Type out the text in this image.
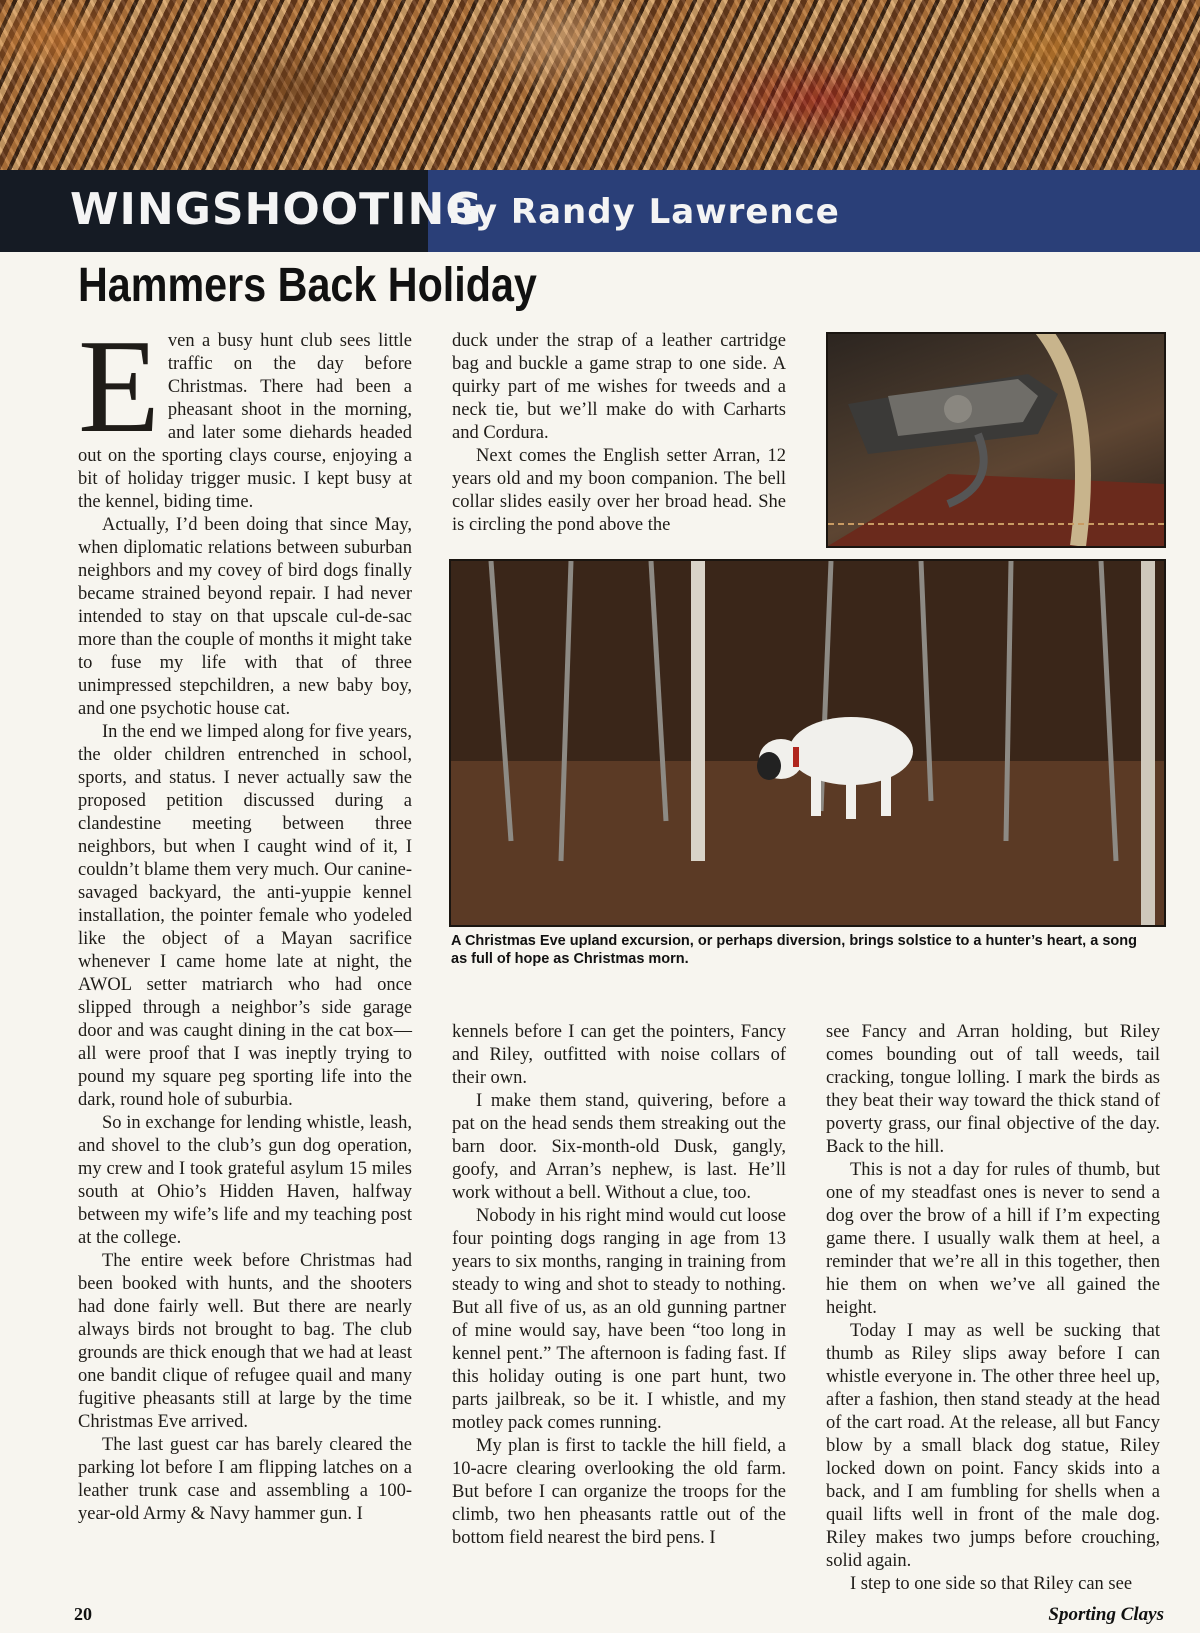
WINGSHOOTING
By Randy Lawrence
Hammers Back Holiday

Even a busy hunt club sees little traffic on the day before Christmas. There had been a pheasant shoot in the morning, and later some diehards headed out on the sporting clays course, enjoying a bit of holiday trigger music. I kept busy at the kennel, biding time.

Actually, I’d been doing that since May, when diplomatic relations between suburban neighbors and my covey of bird dogs finally became strained beyond repair. I had never intended to stay on that upscale cul-de-sac more than the couple of months it might take to fuse my life with that of three unimpressed stepchildren, a new baby boy, and one psychotic house cat.

In the end we limped along for five years, the older children entrenched in school, sports, and status. I never actually saw the proposed petition discussed during a clandestine meeting between three neighbors, but when I caught wind of it, I couldn’t blame them very much. Our canine-savaged backyard, the anti-yuppie kennel installation, the pointer female who yodeled like the object of a Mayan sacrifice whenever I came home late at night, the AWOL setter matriarch who had once slipped through a neighbor’s side garage door and was caught dining in the cat box—all were proof that I was ineptly trying to pound my square peg sporting life into the dark, round hole of suburbia.

So in exchange for lending whistle, leash, and shovel to the club’s gun dog operation, my crew and I took grateful asylum 15 miles south at Ohio’s Hidden Haven, halfway between my wife’s life and my teaching post at the college.

The entire week before Christmas had been booked with hunts, and the shooters had done fairly well. But there are nearly always birds not brought to bag. The club grounds are thick enough that we had at least one bandit clique of refugee quail and many fugitive pheasants still at large by the time Christmas Eve arrived.

The last guest car has barely cleared the parking lot before I am flipping latches on a leather trunk case and assembling a 100-year-old Army & Navy hammer gun. I

duck under the strap of a leather cartridge bag and buckle a game strap to one side. A quirky part of me wishes for tweeds and a neck tie, but we’ll make do with Carharts and Cordura.

Next comes the English setter Arran, 12 years old and my boon companion. The bell collar slides easily over her broad head. She is circling the pond above the

A Christmas Eve upland excursion, or perhaps diversion, brings solstice to a hunter’s heart, a song as full of hope as Christmas morn.

kennels before I can get the pointers, Fancy and Riley, outfitted with noise collars of their own.

I make them stand, quivering, before a pat on the head sends them streaking out the barn door. Six-month-old Dusk, gangly, goofy, and Arran’s nephew, is last. He’ll work without a bell. Without a clue, too.

Nobody in his right mind would cut loose four pointing dogs ranging in age from 13 years to six months, ranging in training from steady to wing and shot to steady to nothing. But all five of us, as an old gunning partner of mine would say, have been “too long in kennel pent.” The afternoon is fading fast. If this holiday outing is one part hunt, two parts jailbreak, so be it. I whistle, and my motley pack comes running.

My plan is first to tackle the hill field, a 10-acre clearing overlooking the old farm. But before I can organize the troops for the climb, two hen pheasants rattle out of the bottom field nearest the bird pens. I

see Fancy and Arran holding, but Riley comes bounding out of tall weeds, tail cracking, tongue lolling. I mark the birds as they beat their way toward the thick stand of poverty grass, our final objective of the day. Back to the hill.

This is not a day for rules of thumb, but one of my steadfast ones is never to send a dog over the brow of a hill if I’m expecting game there. I usually walk them at heel, a reminder that we’re all in this together, then hie them on when we’ve all gained the height.

Today I may as well be sucking that thumb as Riley slips away before I can whistle everyone in. The other three heel up, after a fashion, then stand steady at the head of the cart road. At the release, all but Fancy blow by a small black dog statue, Riley locked down on point. Fancy skids into a back, and I am fumbling for shells when a quail lifts well in front of the male dog. Riley makes two jumps before crouching, solid again.

I step to one side so that Riley can see

20	Sporting Clays
